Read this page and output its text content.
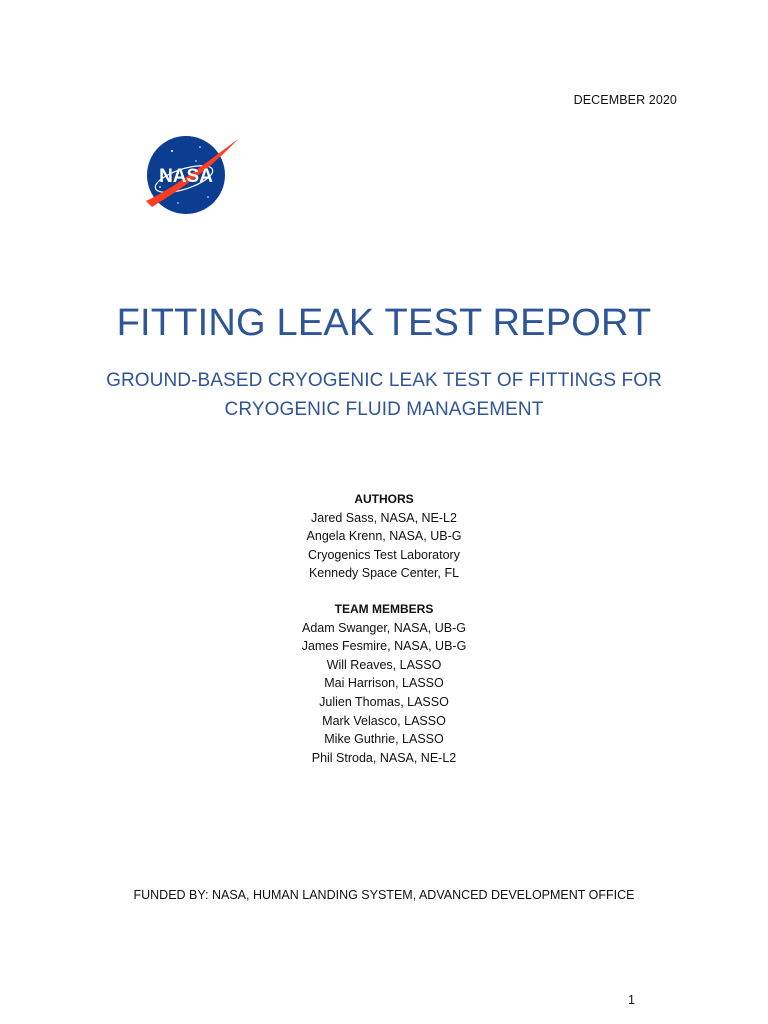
DECEMBER 2020
NASA
FITTING LEAK TEST REPORT
GROUND-BASED CRYOGENIC LEAK TEST OF FITTINGS FOR
CRYOGENIC FLUID MANAGEMENT
AUTHORS
Jared Sass, NASA, NE-L2
Angela Krenn, NASA, UB-G
Cryogenics Test Laboratory
Kennedy Space Center, FL
TEAM MEMBERS
Adam Swanger, NASA, UB-G
James Fesmire, NASA, UB-G
Will Reaves, LASSO
Mai Harrison, LASSO
Julien Thomas, LASSO
Mark Velasco, LASSO
Mike Guthrie, LASSO
Phil Stroda, NASA, NE-L2
FUNDED BY: NASA, HUMAN LANDING SYSTEM, ADVANCED DEVELOPMENT OFFICE
1
